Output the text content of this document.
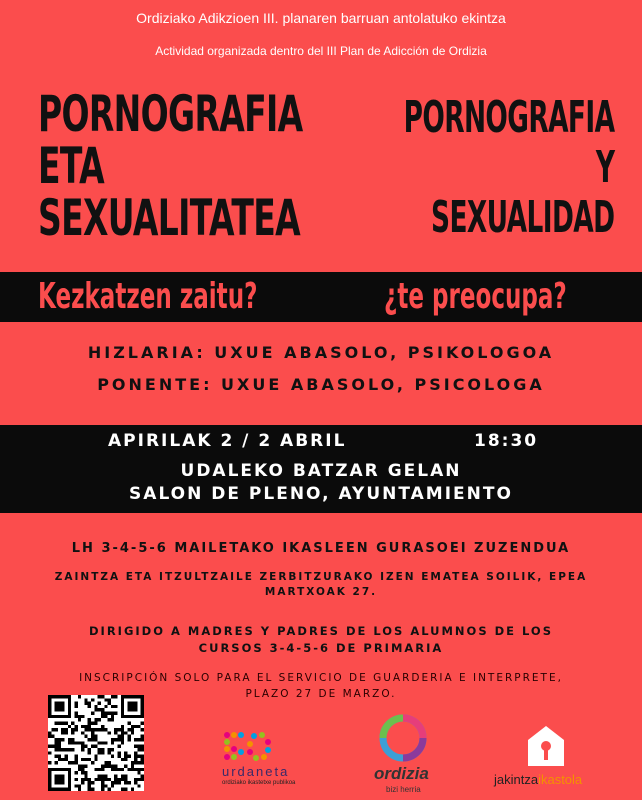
Ordiziako Adikzioen III. planaren barruan antolatuko ekintza
Actividad organizada dentro del III Plan de Adicción de Ordizia
PORNOGRAFIA
ETA
SEXUALITATEA
PORNOGRAFIA
Y
SEXUALIDAD
Kezkatzen zaitu?	¿te preocupa?
HIZLARIA: UXUE ABASOLO, PSIKOLOGOA
PONENTE: UXUE ABASOLO, PSICOLOGA
APIRILAK 2 / 2 ABRIL	18:30
UDALEKO BATZAR GELAN
SALON DE PLENO, AYUNTAMIENTO
LH 3-4-5-6 MAILETAKO IKASLEEN GURASOEI ZUZENDUA
ZAINTZA ETA ITZULTZAILE ZERBITZURAKO IZEN EMATEA SOILIK, EPEA
MARTXOAK 27.
DIRIGIDO A MADRES Y PADRES DE LOS ALUMNOS DE LOS
CURSOS 3-4-5-6 DE PRIMARIA
INSCRIPCIÓN SOLO PARA EL SERVICIO DE GUARDERIA E INTERPRETE,
PLAZO 27 DE MARZO.
urdaneta
ordiziako ikastetxe publikoa	ordizia
bizi herria
jakintzaikastola
